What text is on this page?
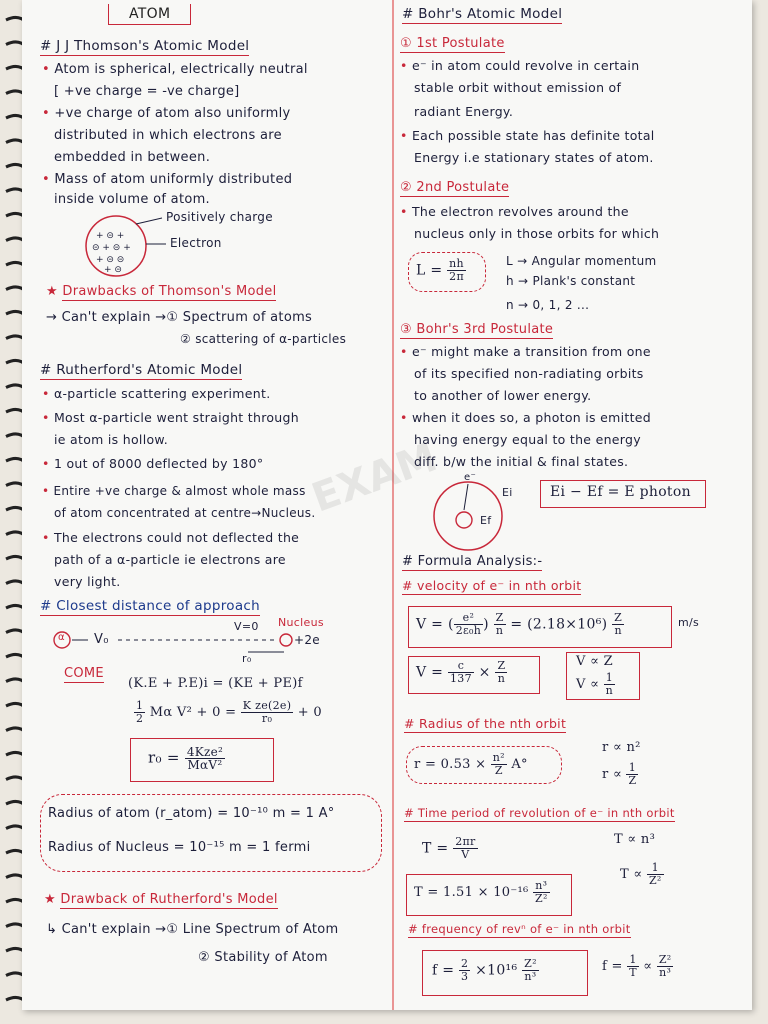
EXAM
ATOM
# J J Thomson's Atomic Model
• Atom is spherical, electrically neutral
[ +ve charge = -ve charge]
• +ve charge of atom also uniformly
distributed in which electrons are
embedded in between.
• Mass of atom uniformly distributed
inside volume of atom.
+ ⊝ +
⊝ + ⊝ +
+ ⊝ ⊝
+ ⊝
Positively charge
Electron
★ Drawbacks of Thomson's Model
→ Can't explain →① Spectrum of atoms
② scattering of α-particles
# Rutherford's Atomic Model
• α-particle scattering experiment.
• Most α-particle went straight through
ie atom is hollow.
• 1 out of 8000 deflected by 180°
• Entire +ve charge & almost whole mass
of atom concentrated at centre→Nucleus.
• The electrons could not deflected the
path of a α-particle ie electrons are
very light.
# Closest distance of approach
α V₀
V=0 Nucleus
+2e
r₀
COME
(K.E + P.E)i = (KE + PE)f
$\frac{1}{2}$ Mα $V^2 + 0 = \frac{\text{K ze(2e)}}{\text{r₀}} + 0$
$r_0 = \frac{\text{4Kze²}}{\text{MαV²}}$
Radius of atom (r_atom) = 10⁻¹⁰ m = 1 A°
Radius of Nucleus = 10⁻¹⁵ m = 1 fermi
★ Drawback of Rutherford's Model
↳ Can't explain →① Line Spectrum of Atom
② Stability of Atom
# Bohr's Atomic Model
① 1st Postulate
• e⁻ in atom could revolve in certain
stable orbit without emission of
radiant Energy.
• Each possible state has definite total
Energy i.e stationary states of atom.
② 2nd Postulate
• The electron revolves around the
nucleus only in those orbits for which
$L = \frac{nh}{2\pi}$	L → Angular momentum
h → Plank's constant
n → 0, 1, 2 ...
③ Bohr's 3rd Postulate
• e⁻ might make a transition from one
of its specified non-radiating orbits
to another of lower energy.
• when it does so, a photon is emitted
having energy equal to the energy
diff. b/w the initial & final states.
e⁻
Ei
Ef
Ei − Ef = E photon
# Formula Analysis:-
# velocity of e⁻ in nth orbit
V = ( $\frac{\text{e²}}{\text{2ε₀h}}$ ) $\frac{Z}{n} = (2.18\times 10^6) \frac{Z}{n}$	m/s
$V = \frac{c}{137} \times \frac{Z}{n}$	V ∝ Z
$V \propto \frac{1}{n}$
# Radius of the nth orbit
$r = 0.53 \times \frac{\text{n²}}{Z} A^\circ$
r ∝ n²
$r \propto \frac{1}{Z}$
# Time period of revolution of e⁻ in nth orbit
$T = \frac{2\pi r}{V}$	T ∝ n³
$T \propto \frac{1}{\text{Z²}}$
$T = 1.51 \times 10^{-16} \frac{\text{n³}}{\text{Z²}}$
# frequency of revⁿ of e⁻ in nth orbit
$f = \frac{2}{3} \times 10^{16} \frac{\text{Z²}}{\text{n³}}$	$f = \frac{1}{T} \propto \frac{\text{Z²}}{\text{n³}}$
